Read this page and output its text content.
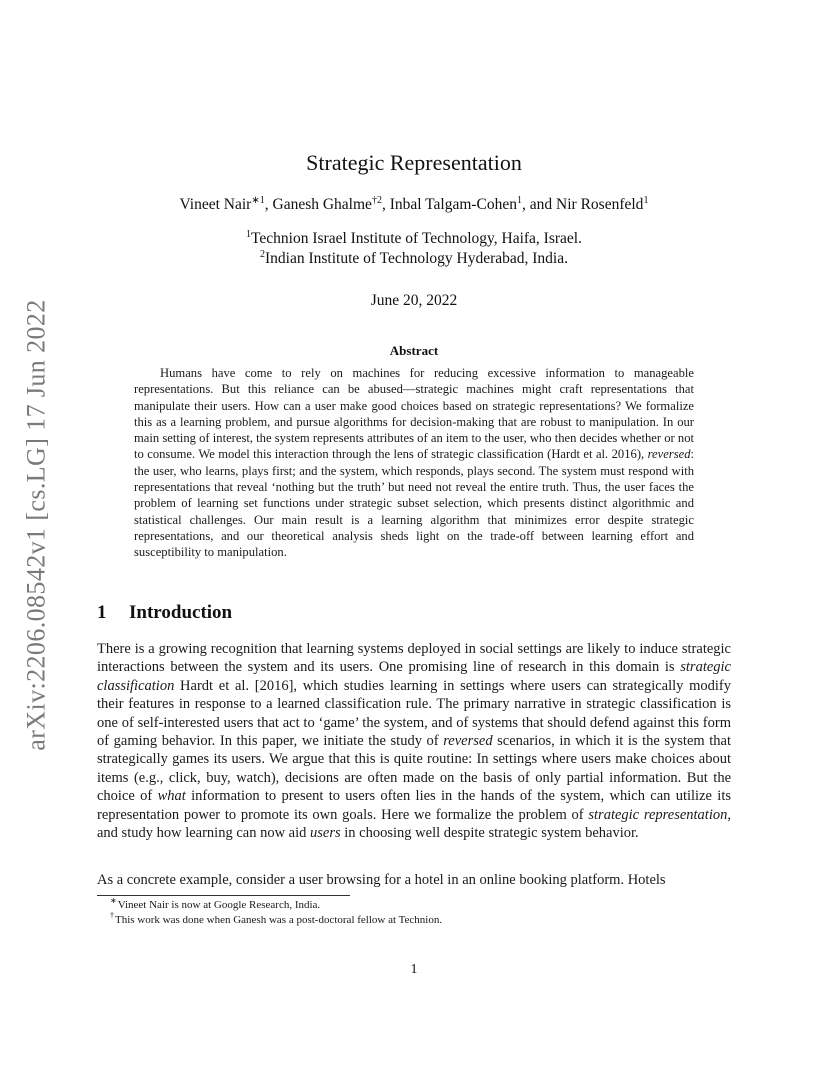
arXiv:2206.08542v1 [cs.LG] 17 Jun 2022
Strategic Representation
Vineet Nair$^{∗1}$, Ganesh Ghalme$^{\dagger 2}$, Inbal Talgam-Cohen$^1$, and Nir Rosenfeld$^1$
$^1$Technion Israel Institute of Technology, Haifa, Israel.
$^2$Indian Institute of Technology Hyderabad, India.
June 20, 2022
Abstract

Humans have come to rely on machines for reducing excessive information to manageable representations. But this reliance can be abused—strategic machines might craft representations that manipulate their users. How can a user make good choices based on strategic representations? We formalize this as a learning problem, and pursue algorithms for decision-making that are robust to manipulation. In our main setting of interest, the system represents attributes of an item to the user, who then decides whether or not to consume. We model this interaction through the lens of strategic classification (Hardt et al. 2016), reversed: the user, who learns, plays first; and the system, which responds, plays second. The system must respond with representations that reveal ‘nothing but the truth’ but need not reveal the entire truth. Thus, the user faces the problem of learning set functions under strategic subset selection, which presents distinct algorithmic and statistical challenges. Our main result is a learning algorithm that minimizes error despite strategic representations, and our theoretical analysis sheds light on the trade-off between learning effort and susceptibility to manipulation.

1 Introduction

There is a growing recognition that learning systems deployed in social settings are likely to induce strategic interactions between the system and its users. One promising line of research in this domain is strategic classification Hardt et al. [2016], which studies learning in settings where users can strategically modify their features in response to a learned classification rule. The primary narrative in strategic classification is one of self-interested users that act to ‘game’ the system, and of systems that should defend against this form of gaming behavior. In this paper, we initiate the study of reversed scenarios, in which it is the system that strategically games its users. We argue that this is quite routine: In settings where users make choices about items (e.g., click, buy, watch), decisions are often made on the basis of only partial information. But the choice of what information to present to users often lies in the hands of the system, which can utilize its representation power to promote its own goals. Here we formalize the problem of strategic representation, and study how learning can now aid users in choosing well despite strategic system behavior.

As a concrete example, consider a user browsing for a hotel in an online booking platform. Hotels

∗Vineet Nair is now at Google Research, India.
†This work was done when Ganesh was a post-doctoral fellow at Technion.
1
